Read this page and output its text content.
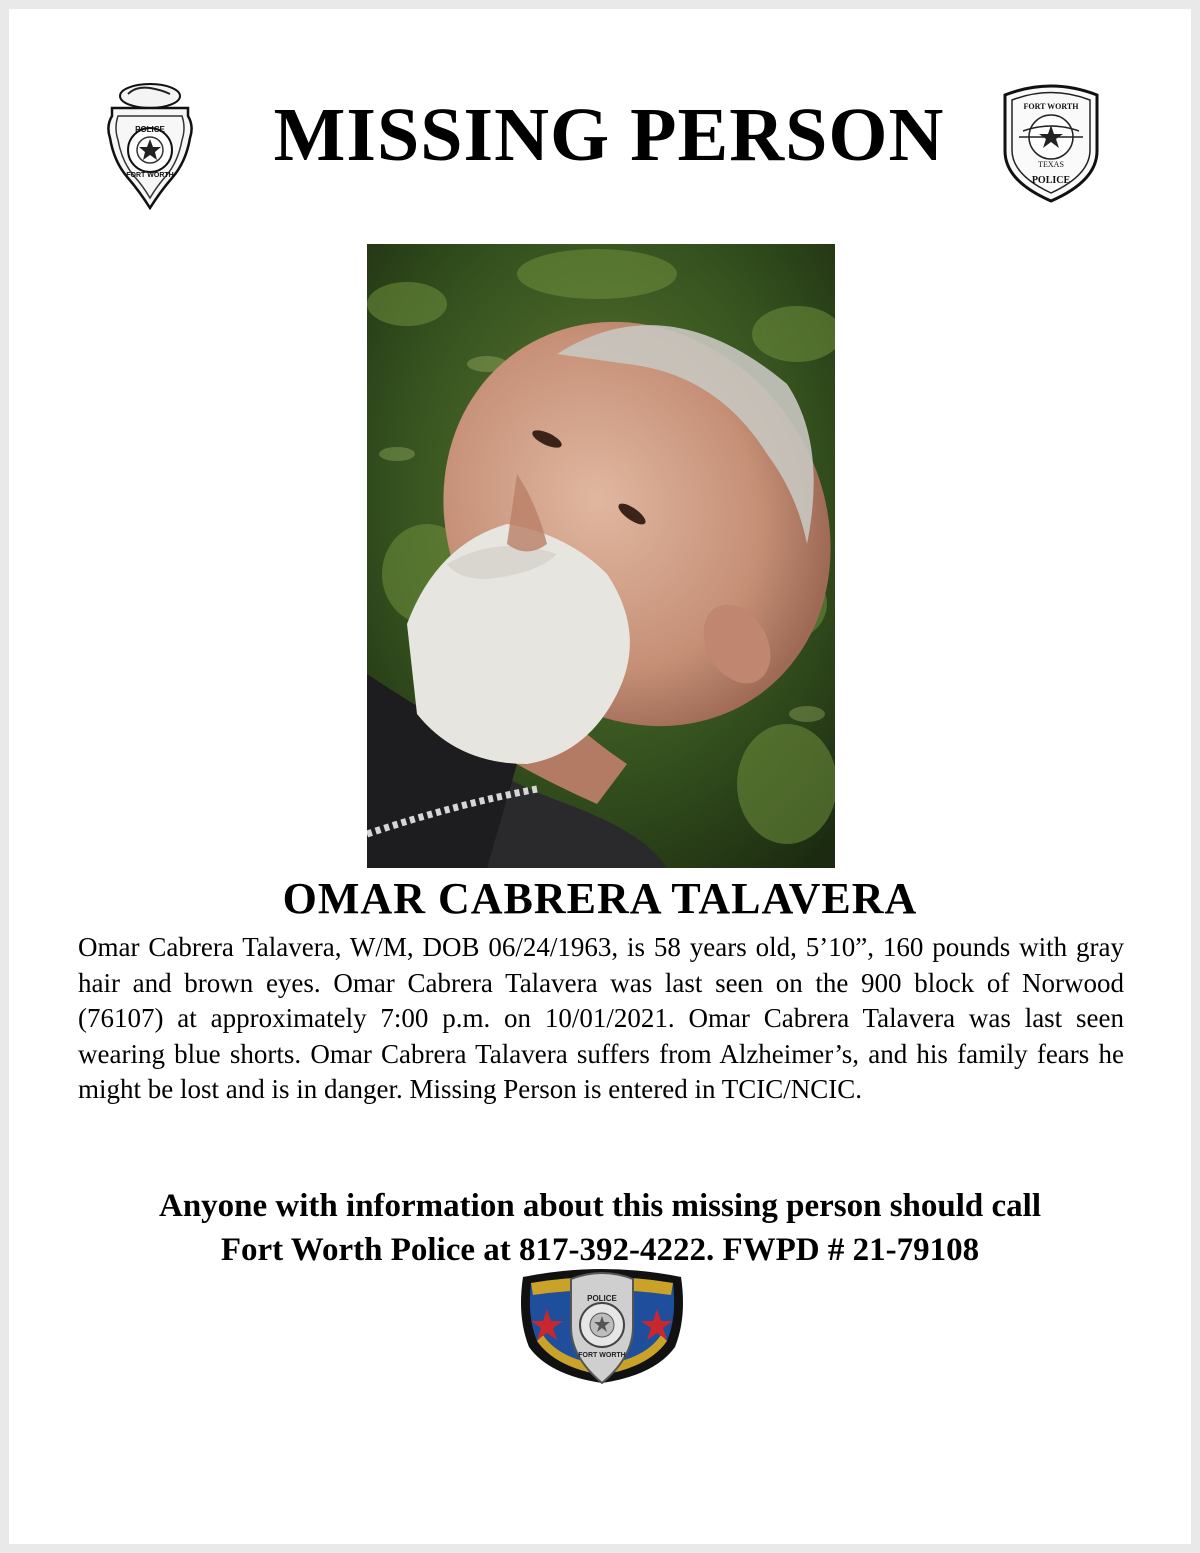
POLICE
FORT WORTH	MISSING PERSON	FORT WORTH
TEXAS
POLICE
OMAR CABRERA TALAVERA
Omar Cabrera Talavera, W/M, DOB 06/24/1963, is 58 years old, 5’10”, 160 pounds with gray hair and brown eyes. Omar Cabrera Talavera was last seen on the 900 block of Norwood (76107) at approximately 7:00 p.m. on 10/01/2021. Omar Cabrera Talavera was last seen wearing blue shorts. Omar Cabrera Talavera suffers from Alzheimer’s, and his family fears he might be lost and is in danger. Missing Person is entered in TCIC/NCIC.
Anyone with information about this missing person should call
Fort Worth Police at 817-392-4222. FWPD # 21-79108
POLICE
FORT WORTH
